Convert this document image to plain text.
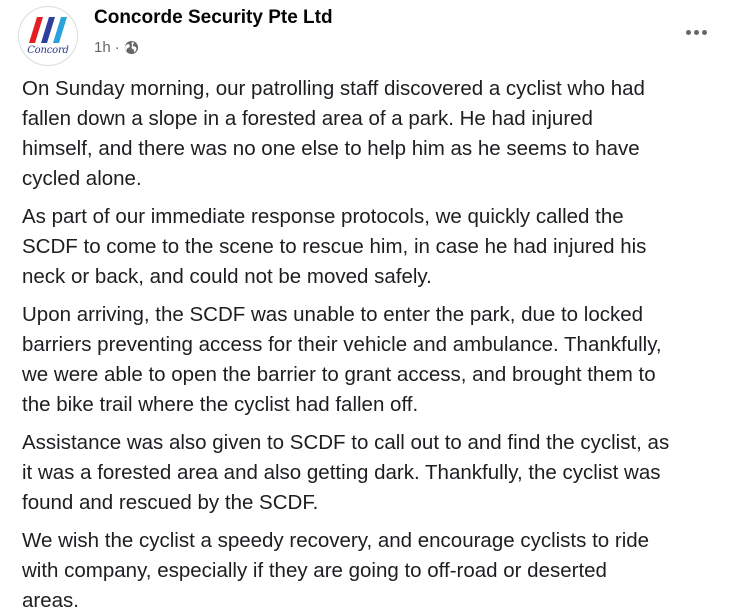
Concord
Concorde Security Pte Ltd
1h ·

On Sunday morning, our patrolling staff discovered a cyclist who had
fallen down a slope in a forested area of a park. He had injured
himself, and there was no one else to help him as he seems to have
cycled alone.

As part of our immediate response protocols, we quickly called the
SCDF to come to the scene to rescue him, in case he had injured his
neck or back, and could not be moved safely.

Upon arriving, the SCDF was unable to enter the park, due to locked
barriers preventing access for their vehicle and ambulance. Thankfully,
we were able to open the barrier to grant access, and brought them to
the bike trail where the cyclist had fallen off.

Assistance was also given to SCDF to call out to and find the cyclist, as
it was a forested area and also getting dark. Thankfully, the cyclist was
found and rescued by the SCDF.

We wish the cyclist a speedy recovery, and encourage cyclists to ride
with company, especially if they are going to off-road or deserted
areas.
